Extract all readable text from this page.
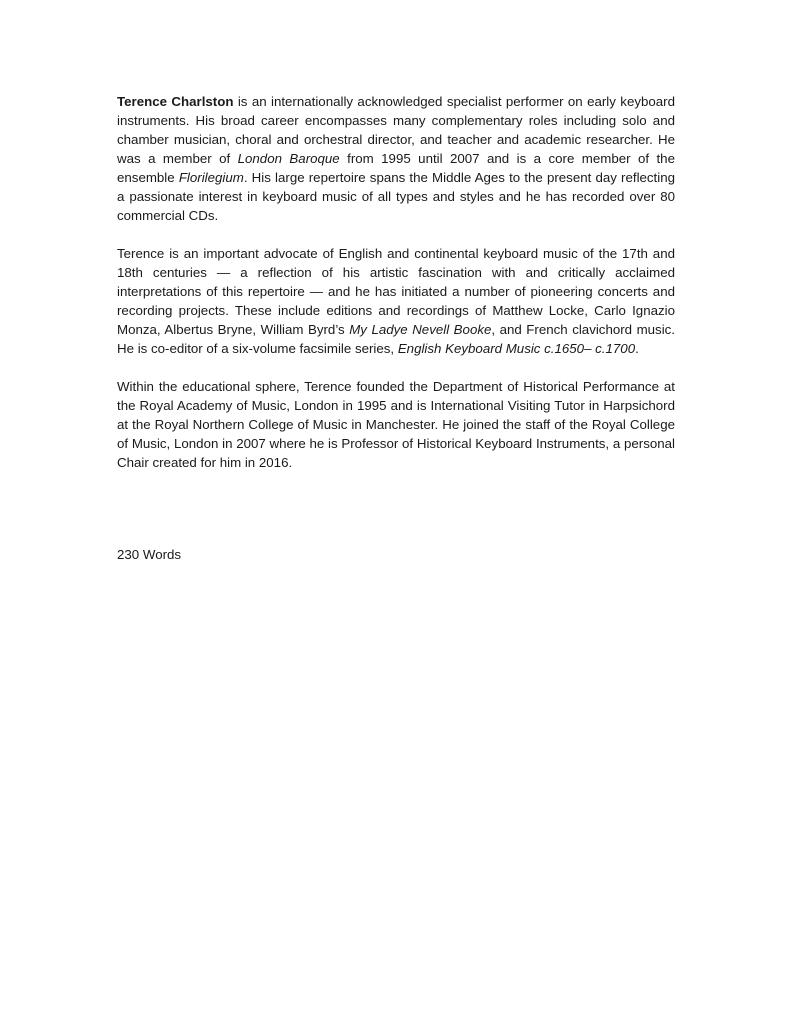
Terence Charlston is an internationally acknowledged specialist performer on early keyboard instruments. His broad career encompasses many complementary roles including solo and chamber musician, choral and orchestral director, and teacher and academic researcher. He was a member of London Baroque from 1995 until 2007 and is a core member of the ensemble Florilegium. His large repertoire spans the Middle Ages to the present day reflecting a passionate interest in keyboard music of all types and styles and he has recorded over 80 commercial CDs.

Terence is an important advocate of English and continental keyboard music of the 17th and 18th centuries — a reflection of his artistic fascination with and critically acclaimed interpretations of this repertoire — and he has initiated a number of pioneering concerts and recording projects. These include editions and recordings of Matthew Locke, Carlo Ignazio Monza, Albertus Bryne, William Byrd’s My Ladye Nevell Booke, and French clavichord music. He is co-editor of a six-volume facsimile series, English Keyboard Music c.1650– c.1700.

Within the educational sphere, Terence founded the Department of Historical Performance at the Royal Academy of Music, London in 1995 and is International Visiting Tutor in Harpsichord at the Royal Northern College of Music in Manchester. He joined the staff of the Royal College of Music, London in 2007 where he is Professor of Historical Keyboard Instruments, a personal Chair created for him in 2016.

230 Words
